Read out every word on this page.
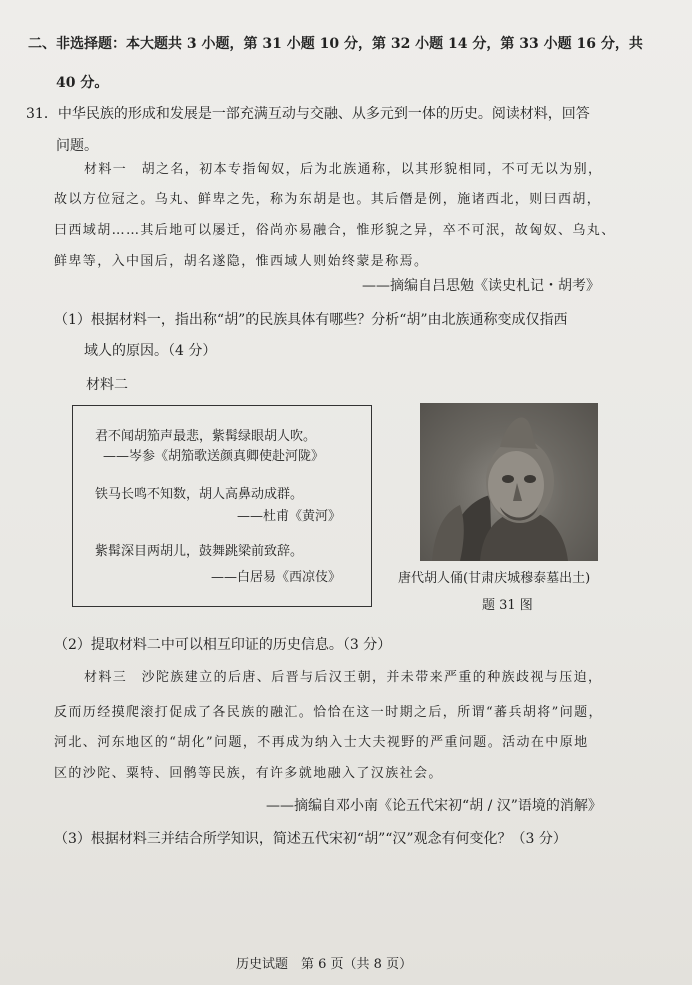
二、非选择题：本大题共 3 小题，第 31 小题 10 分，第 32 小题 14 分，第 33 小题 16 分，共
40 分。
31．中华民族的形成和发展是一部充满互动与交融、从多元到一体的历史。阅读材料，回答
问题。
材料一　胡之名，初本专指匈奴，后为北族通称，以其形貌相同，不可无以为别，
故以方位冠之。乌丸、鲜卑之先，称为东胡是也。其后僭是例，施诸西北，则曰西胡，
曰西域胡……其后地可以屡迁，俗尚亦易融合，惟形貌之异，卒不可泯，故匈奴、乌丸、
鲜卑等，入中国后，胡名遂隐，惟西域人则始终蒙是称焉。
——摘编自吕思勉《读史札记・胡考》
（1）根据材料一，指出称“胡”的民族具体有哪些？分析“胡”由北族通称变成仅指西
域人的原因。（4 分）
材料二
君不闻胡笳声最悲，紫髯绿眼胡人吹。
——岑参《胡笳歌送颜真卿使赴河陇》
铁马长鸣不知数，胡人高鼻动成群。
——杜甫《黄河》
紫髯深目两胡儿，鼓舞跳梁前致辞。
——白居易《西凉伎》	唐代胡人俑(甘肃庆城穆泰墓出土)
题 31 图
（2）提取材料二中可以相互印证的历史信息。（3 分）
材料三　沙陀族建立的后唐、后晋与后汉王朝，并未带来严重的种族歧视与压迫，
反而历经摸爬滚打促成了各民族的融汇。恰恰在这一时期之后，所谓“蕃兵胡将”问题，
河北、河东地区的“胡化”问题，不再成为纳入士大夫视野的严重问题。活动在中原地
区的沙陀、粟特、回鹘等民族，有许多就地融入了汉族社会。
——摘编自邓小南《论五代宋初“胡 / 汉”语境的消解》
（3）根据材料三并结合所学知识，简述五代宋初“胡”“汉”观念有何变化？（3 分）
历史试题　第 6 页（共 8 页）
